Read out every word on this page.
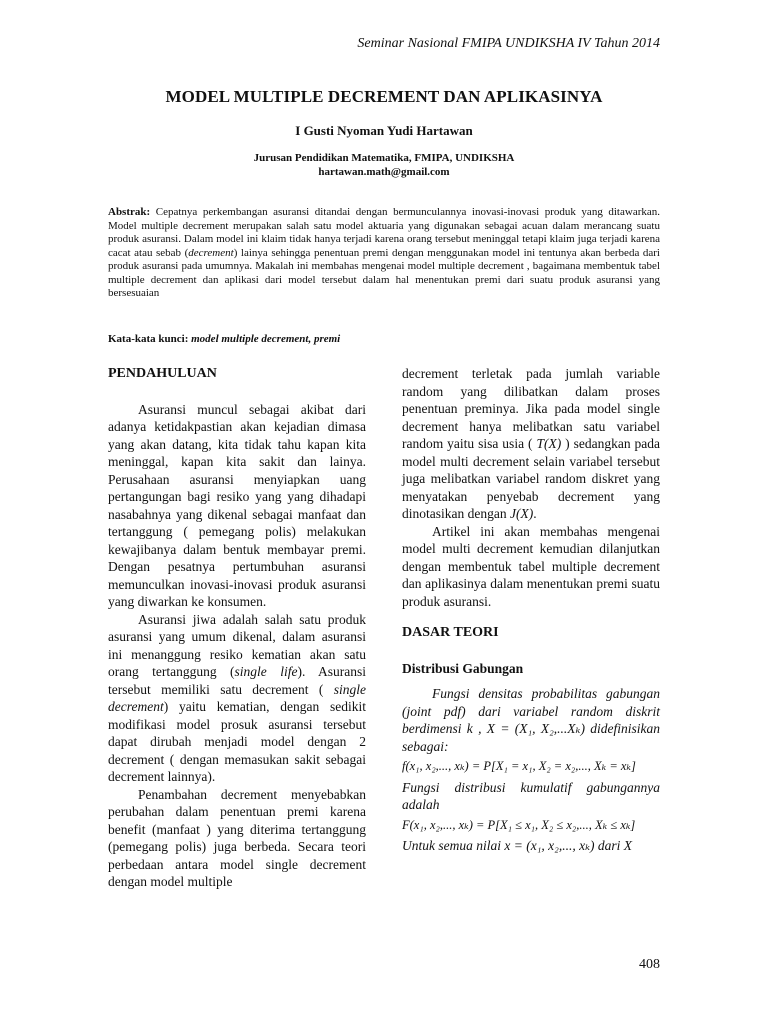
Seminar Nasional FMIPA UNDIKSHA IV Tahun 2014
MODEL MULTIPLE DECREMENT DAN APLIKASINYA
I Gusti Nyoman Yudi Hartawan
Jurusan Pendidikan Matematika, FMIPA, UNDIKSHA
hartawan.math@gmail.com
Abstrak: Cepatnya perkembangan asuransi ditandai dengan bermunculannya inovasi-inovasi produk yang ditawarkan. Model multiple decrement merupakan salah satu model aktuaria yang digunakan sebagai acuan dalam merancang suatu produk asuransi. Dalam model ini klaim tidak hanya terjadi karena orang tersebut meninggal tetapi klaim juga terjadi karena cacat atau sebab (decrement) lainya sehingga penentuan premi dengan menggunakan model ini tentunya akan berbeda dari produk asuransi pada umumnya. Makalah ini membahas mengenai model multiple decrement , bagaimana membentuk tabel multiple decrement dan aplikasi dari model tersebut dalam hal menentukan premi dari suatu produk asuransi yang bersesuaian
Kata-kata kunci: model multiple decrement, premi
PENDAHULUAN

Asuransi muncul sebagai akibat dari adanya ketidakpastian akan kejadian dimasa yang akan datang, kita tidak tahu kapan kita meninggal, kapan kita sakit dan lainya. Perusahaan asuransi menyiapkan uang pertangungan bagi resiko yang yang dihadapi nasabahnya yang dikenal sebagai manfaat dan tertanggung ( pemegang polis) melakukan kewajibanya dalam bentuk membayar premi. Dengan pesatnya pertumbuhan asuransi memunculkan inovasi-inovasi produk asuransi yang diwarkan ke konsumen.

Asuransi jiwa adalah salah satu produk asuransi yang umum dikenal, dalam asuransi ini menanggung resiko kematian akan satu orang tertanggung (single life). Asuransi tersebut memiliki satu decrement ( single decrement) yaitu kematian, dengan sedikit modifikasi model prosuk asuransi tersebut dapat dirubah menjadi model dengan 2 decrement ( dengan memasukan sakit sebagai decrement lainnya).

Penambahan decrement menyebabkan perubahan dalam penentuan premi karena benefit (manfaat ) yang diterima tertanggung (pemegang polis) juga berbeda. Secara teori perbedaan antara model single decrement dengan model multiple

decrement terletak pada jumlah variable random yang dilibatkan dalam proses penentuan preminya. Jika pada model single decrement hanya melibatkan satu variabel random yaitu sisa usia ( T(X) ) sedangkan pada model multi decrement selain variabel tersebut juga melibatkan variabel random diskret yang menyatakan penyebab decrement yang dinotasikan dengan J(X).

Artikel ini akan membahas mengenai model multi decrement kemudian dilanjutkan dengan membentuk tabel multiple decrement dan aplikasinya dalam menentukan premi suatu produk asuransi.

DASAR TEORI
Distribusi Gabungan

Fungsi densitas probabilitas gabungan (joint pdf) dari variabel random diskrit berdimensi k , X = (X₁, X₂,...Xₖ) didefinisikan sebagai:

f(x₁, x₂,..., xₖ) = P[X₁ = x₁, X₂ = x₂,..., Xₖ = xₖ]

Fungsi distribusi kumulatif gabungannya adalah

F(x₁, x₂,..., xₖ) = P[X₁ ≤ x₁, X₂ ≤ x₂,..., Xₖ ≤ xₖ]

Untuk semua nilai x = (x₁, x₂,..., xₖ) dari X

408
